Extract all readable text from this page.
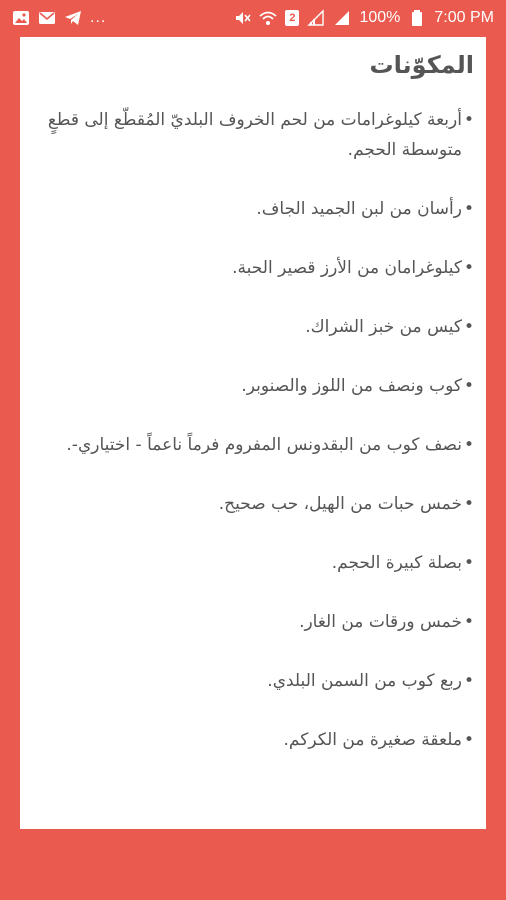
...	2	100% 7:00 PM
المكوّنات
•
أربعة كيلوغرامات من لحم الخروف البلديّ المُقطّع إلى قطعٍ متوسطة الحجم.
•
رأسان من لبن الجميد الجاف.
•
كيلوغرامان من الأرز قصير الحبة.
•
كيس من خبز الشراك.
•
كوب ونصف من اللوز والصنوبر.
•
نصف كوب من البقدونس المفروم فرماً ناعماً - اختياري-.
•
خمس حبات من الهيل، حب صحيح.
•
بصلة كبيرة الحجم.
•
خمس ورقات من الغار.
•
ربع كوب من السمن البلدي.
•
ملعقة صغيرة من الكركم.
